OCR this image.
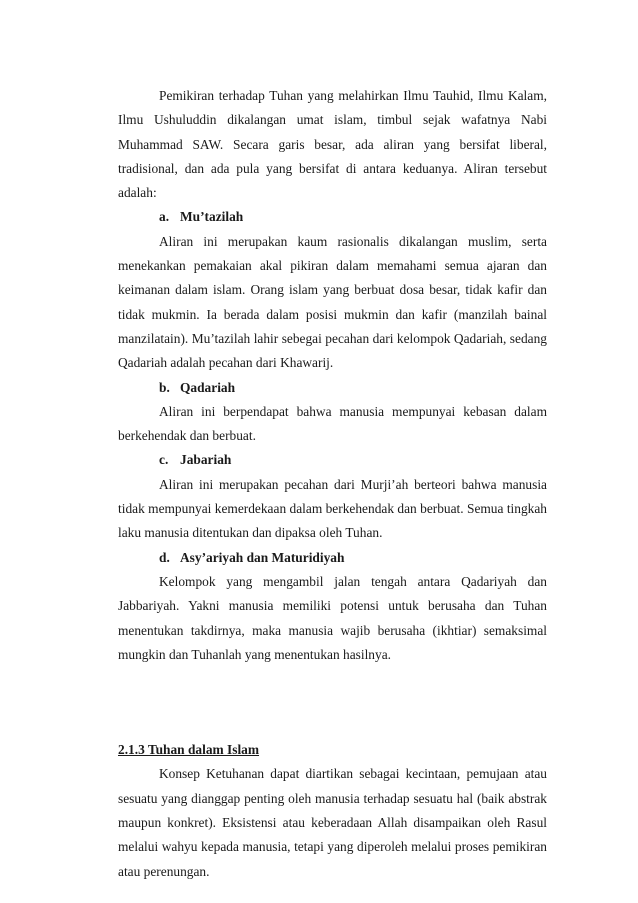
Pemikiran terhadap Tuhan yang melahirkan Ilmu Tauhid, Ilmu Kalam, Ilmu Ushuluddin dikalangan umat islam, timbul sejak wafatnya Nabi Muhammad SAW. Secara garis besar, ada aliran yang bersifat liberal, tradisional, dan ada pula yang bersifat di antara keduanya. Aliran tersebut adalah:

a. Mu’tazilah

Aliran ini merupakan kaum rasionalis dikalangan muslim, serta menekankan pemakaian akal pikiran dalam memahami semua ajaran dan keimanan dalam islam. Orang islam yang berbuat dosa besar, tidak kafir dan tidak mukmin. Ia berada dalam posisi mukmin dan kafir (manzilah bainal manzilatain). Mu’tazilah lahir sebegai pecahan dari kelompok Qadariah, sedang Qadariah adalah pecahan dari Khawarij.

b. Qadariah

Aliran ini berpendapat bahwa manusia mempunyai kebasan dalam berkehendak dan berbuat.

c. Jabariah

Aliran ini merupakan pecahan dari Murji’ah berteori bahwa manusia tidak mempunyai kemerdekaan dalam berkehendak dan berbuat. Semua tingkah laku manusia ditentukan dan dipaksa oleh Tuhan.

d. Asy’ariyah dan Maturidiyah

Kelompok yang mengambil jalan tengah antara Qadariyah dan Jabbariyah. Yakni manusia memiliki potensi untuk berusaha dan Tuhan menentukan takdirnya, maka manusia wajib berusaha (ikhtiar) semaksimal mungkin dan Tuhanlah yang menentukan hasilnya.

2.1.3 Tuhan dalam Islam

Konsep Ketuhanan dapat diartikan sebagai kecintaan, pemujaan atau sesuatu yang dianggap penting oleh manusia terhadap sesuatu hal (baik abstrak maupun konkret). Eksistensi atau keberadaan Allah disampaikan oleh Rasul melalui wahyu kepada manusia, tetapi yang diperoleh melalui proses pemikiran atau perenungan.
